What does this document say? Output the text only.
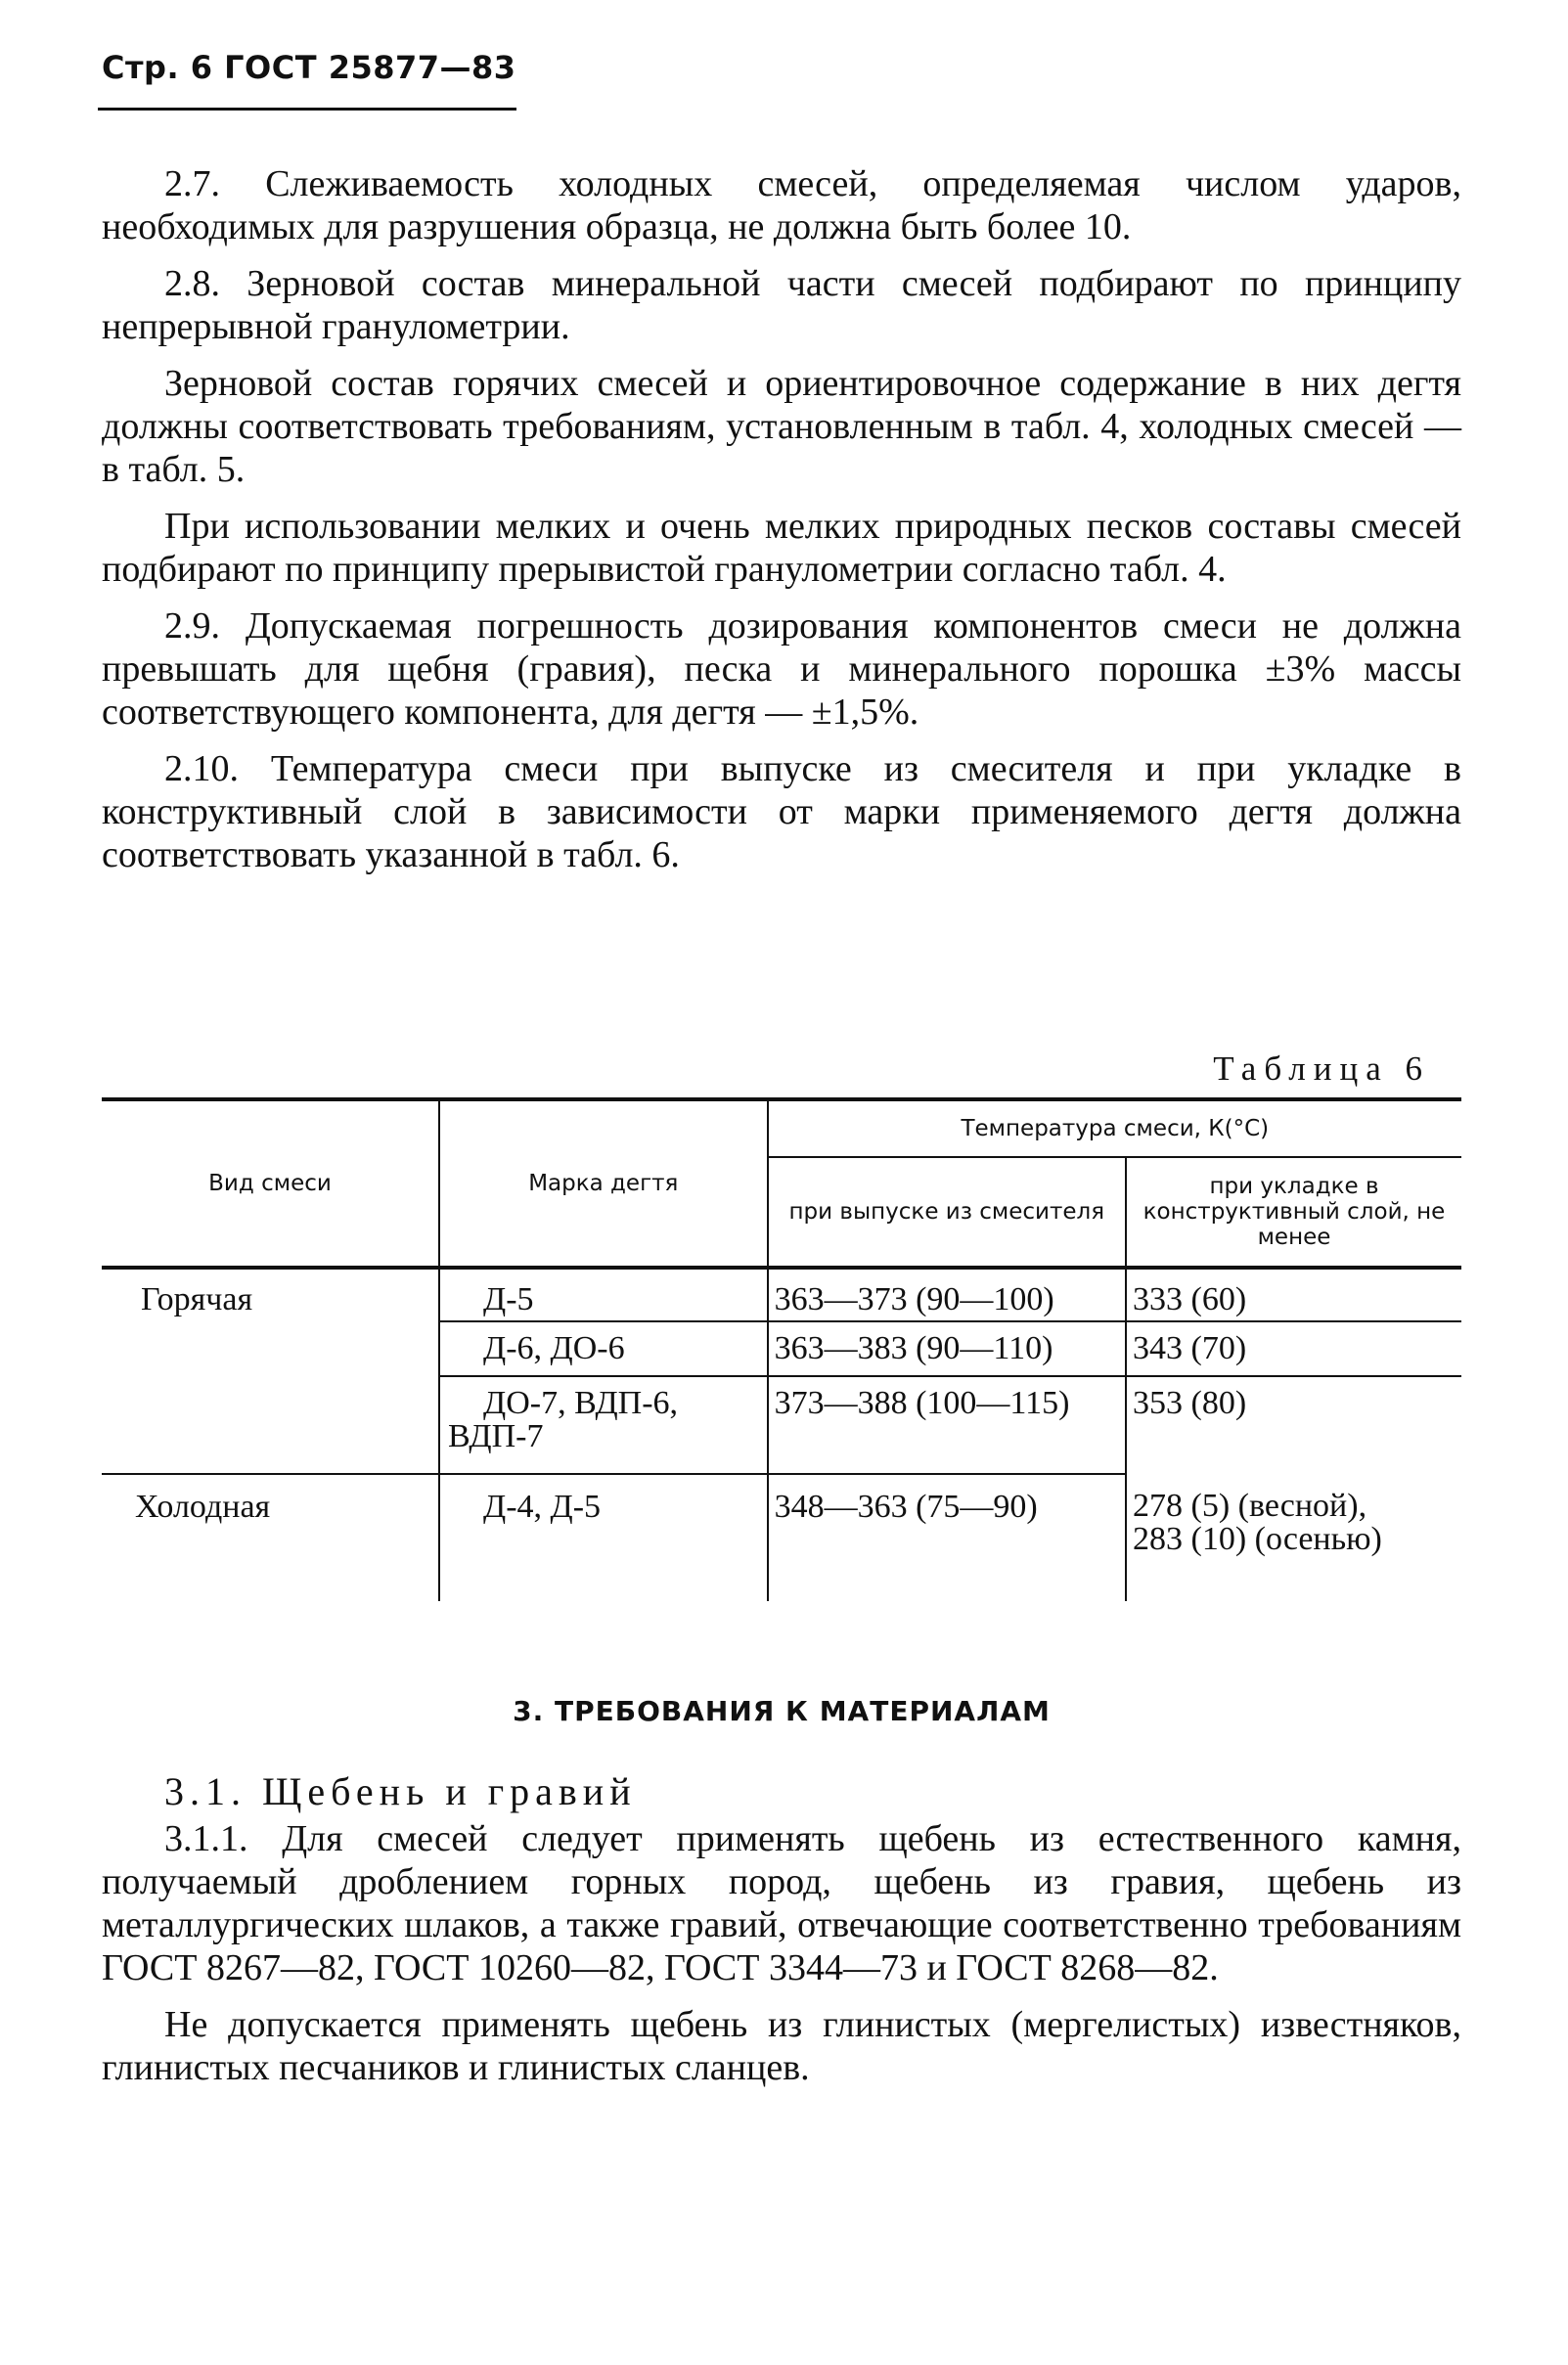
Стр. 6 ГОСТ 25877—83

2.7. Слеживаемость холодных смесей, определяемая числом ударов, необходимых для разрушения образца, не должна быть более 10.

2.8. Зерновой состав минеральной части смесей подбирают по принципу непрерывной гранулометрии.

Зерновой состав горячих смесей и ориентировочное содержание в них дегтя должны соответствовать требованиям, установленным в табл. 4, холодных смесей — в табл. 5.

При использовании мелких и очень мелких природных песков составы смесей подбирают по принципу прерывистой гранулометрии согласно табл. 4.

2.9. Допускаемая погрешность дозирования компонентов смеси не должна превышать для щебня (гравия), песка и минерального порошка ±3% массы соответствующего компонента, для дегтя — ±1,5%.

2.10. Температура смеси при выпуске из смесителя и при укладке в конструктивный слой в зависимости от марки применяемого дегтя должна соответствовать указанной в табл. 6.

Таблица 6
Вид смеси	Марка дегтя	Температура смеси, К(°С)	
		при выпуске из смесителя	при укладке в конструктивный слой, не менее
Горячая	Д-5	363—373 (90—100)	333 (60)
	Д-6, ДО-6	363—383 (90—110)	343 (70)

	ДО-7, ВДП-6, ВДП-7	373—388 (100—115)	353 (80)
Холодная	Д-4, Д-5	348—363 (75—90)	278 (5) (весной),
283 (10) (осенью)
3. ТРЕБОВАНИЯ К МАТЕРИАЛАМ
3.1. Щебень и гравий

3.1.1. Для смесей следует применять щебень из естественного камня, получаемый дроблением горных пород, щебень из гравия, щебень из металлургических шлаков, а также гравий, отвечающие соответственно требованиям ГОСТ 8267—82, ГОСТ 10260—82, ГОСТ 3344—73 и ГОСТ 8268—82.

Не допускается применять щебень из глинистых (мергелистых) известняков, глинистых песчаников и глинистых сланцев.
